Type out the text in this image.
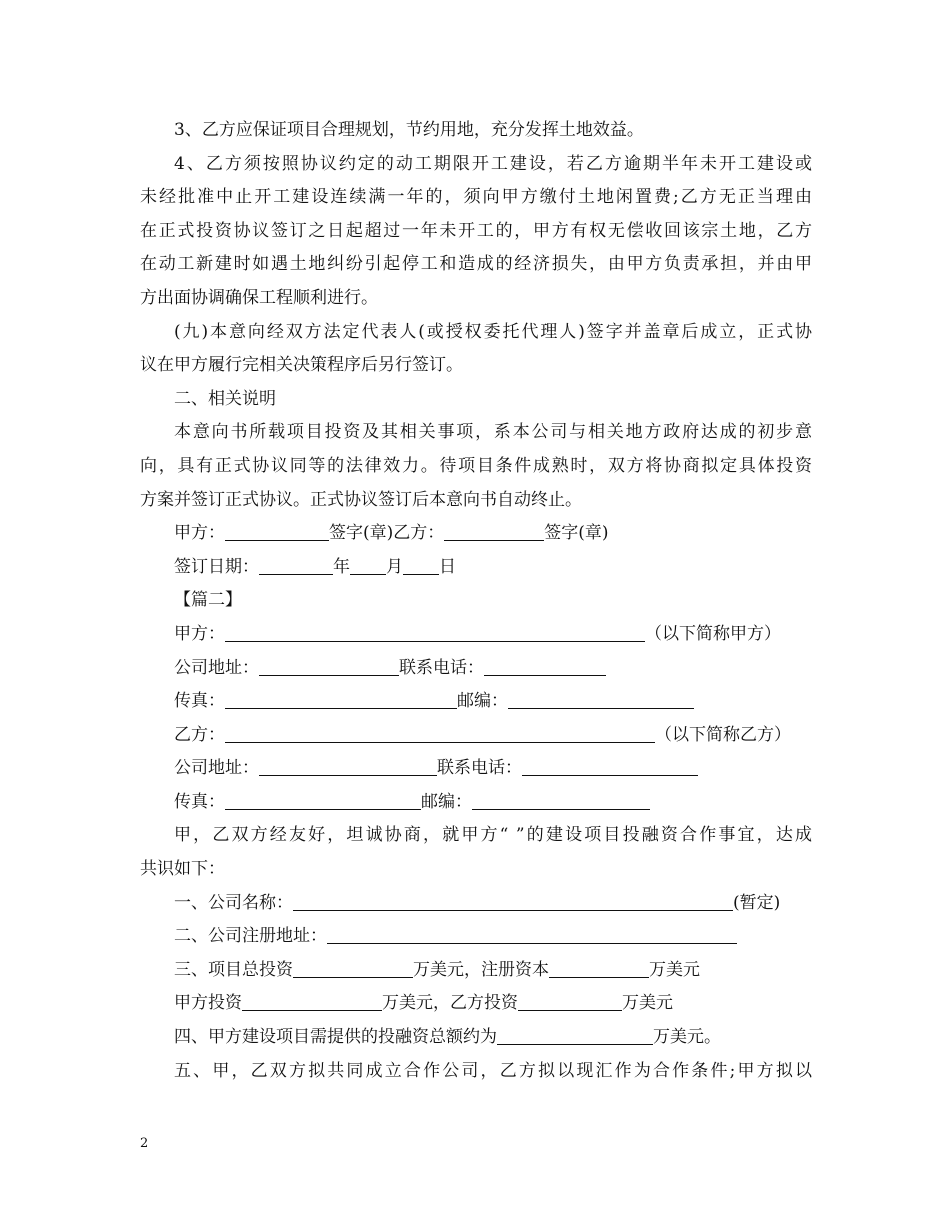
3、乙方应保证项目合理规划，节约用地，充分发挥土地效益。
4、乙方须按照协议约定的动工期限开工建设，若乙方逾期半年未开工建设或
未经批准中止开工建设连续满一年的，须向甲方缴付土地闲置费;乙方无正当理由
在正式投资协议签订之日起超过一年未开工的，甲方有权无偿收回该宗土地，乙方
在动工新建时如遇土地纠纷引起停工和造成的经济损失，由甲方负责承担，并由甲
方出面协调确保工程顺利进行。
(九)本意向经双方法定代表人(或授权委托代理人)签字并盖章后成立，正式协
议在甲方履行完相关决策程序后另行签订。
二、相关说明
本意向书所载项目投资及其相关事项，系本公司与相关地方政府达成的初步意
向，具有正式协议同等的法律效力。待项目条件成熟时，双方将协商拟定具体投资
方案并签订正式协议。正式协议签订后本意向书自动终止。
甲方：	签字(章)乙方：	签字(章)
签订日期：	年 月 日
【篇二】
甲方：	（以下简称甲方）
公司地址：	联系电话：
传真：	邮编：
乙方：	（以下简称乙方）
公司地址：	联系电话：
传真：	邮编：
甲，乙双方经友好，坦诚协商，就甲方“ ”的建设项目投融资合作事宜，达成
共识如下：
一、公司名称：	(暂定)
二、公司注册地址：
三、项目总投资	万美元，注册资本	万美元
甲方投资	万美元，乙方投资	万美元
四、甲方建设项目需提供的投融资总额约为	万美元。
五、甲，乙双方拟共同成立合作公司，乙方拟以现汇作为合作条件;甲方拟以
2
